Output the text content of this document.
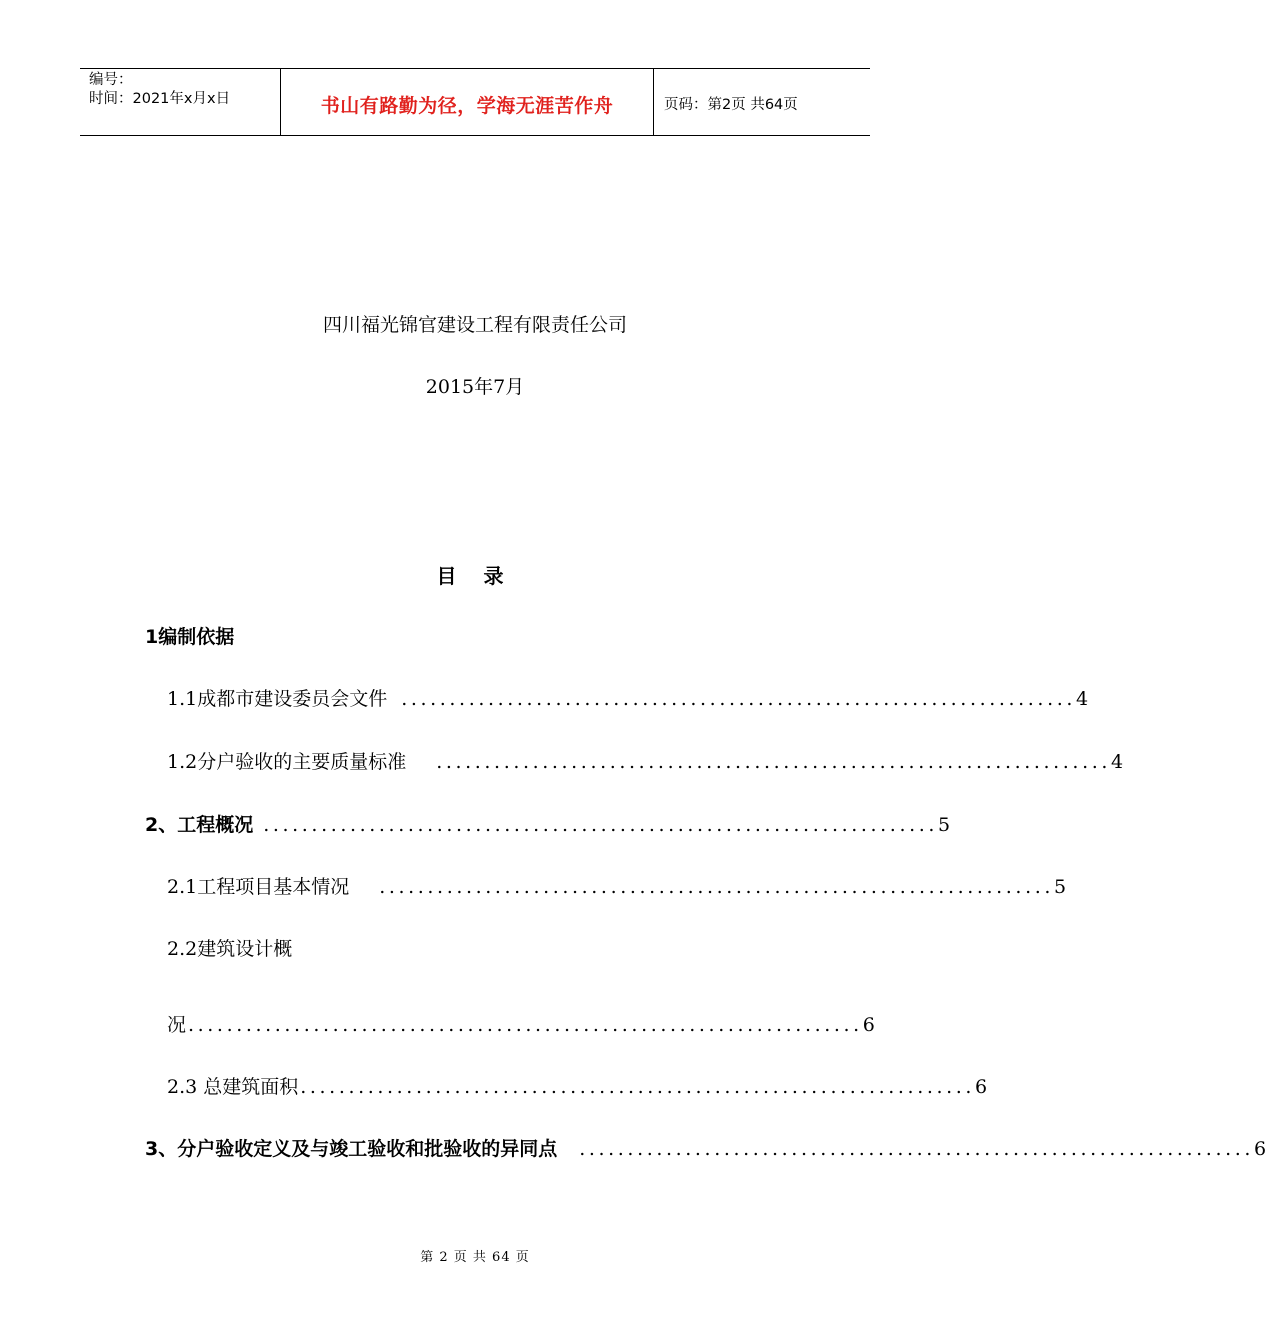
编号：
时间：2021年x月x日	书山有路勤为径，学海无涯苦作舟	页码：第2页 共64页
四川福光锦官建设工程有限责任公司
2015年7月
目 录
1编制依据
1.1成都市建设委员会文件 ...................................................................... 4
1.2分户验收的主要质量标准 ...................................................................... 4
2、工程概况 ...................................................................... 5
2.1工程项目基本情况 ...................................................................... 5
2.2建筑设计概
况 ...................................................................... 6
2.3 总建筑面积 ...................................................................... 6
3、分户验收定义及与竣工验收和批验收的异同点 ...................................................................... 6
第 2 页 共 64 页
